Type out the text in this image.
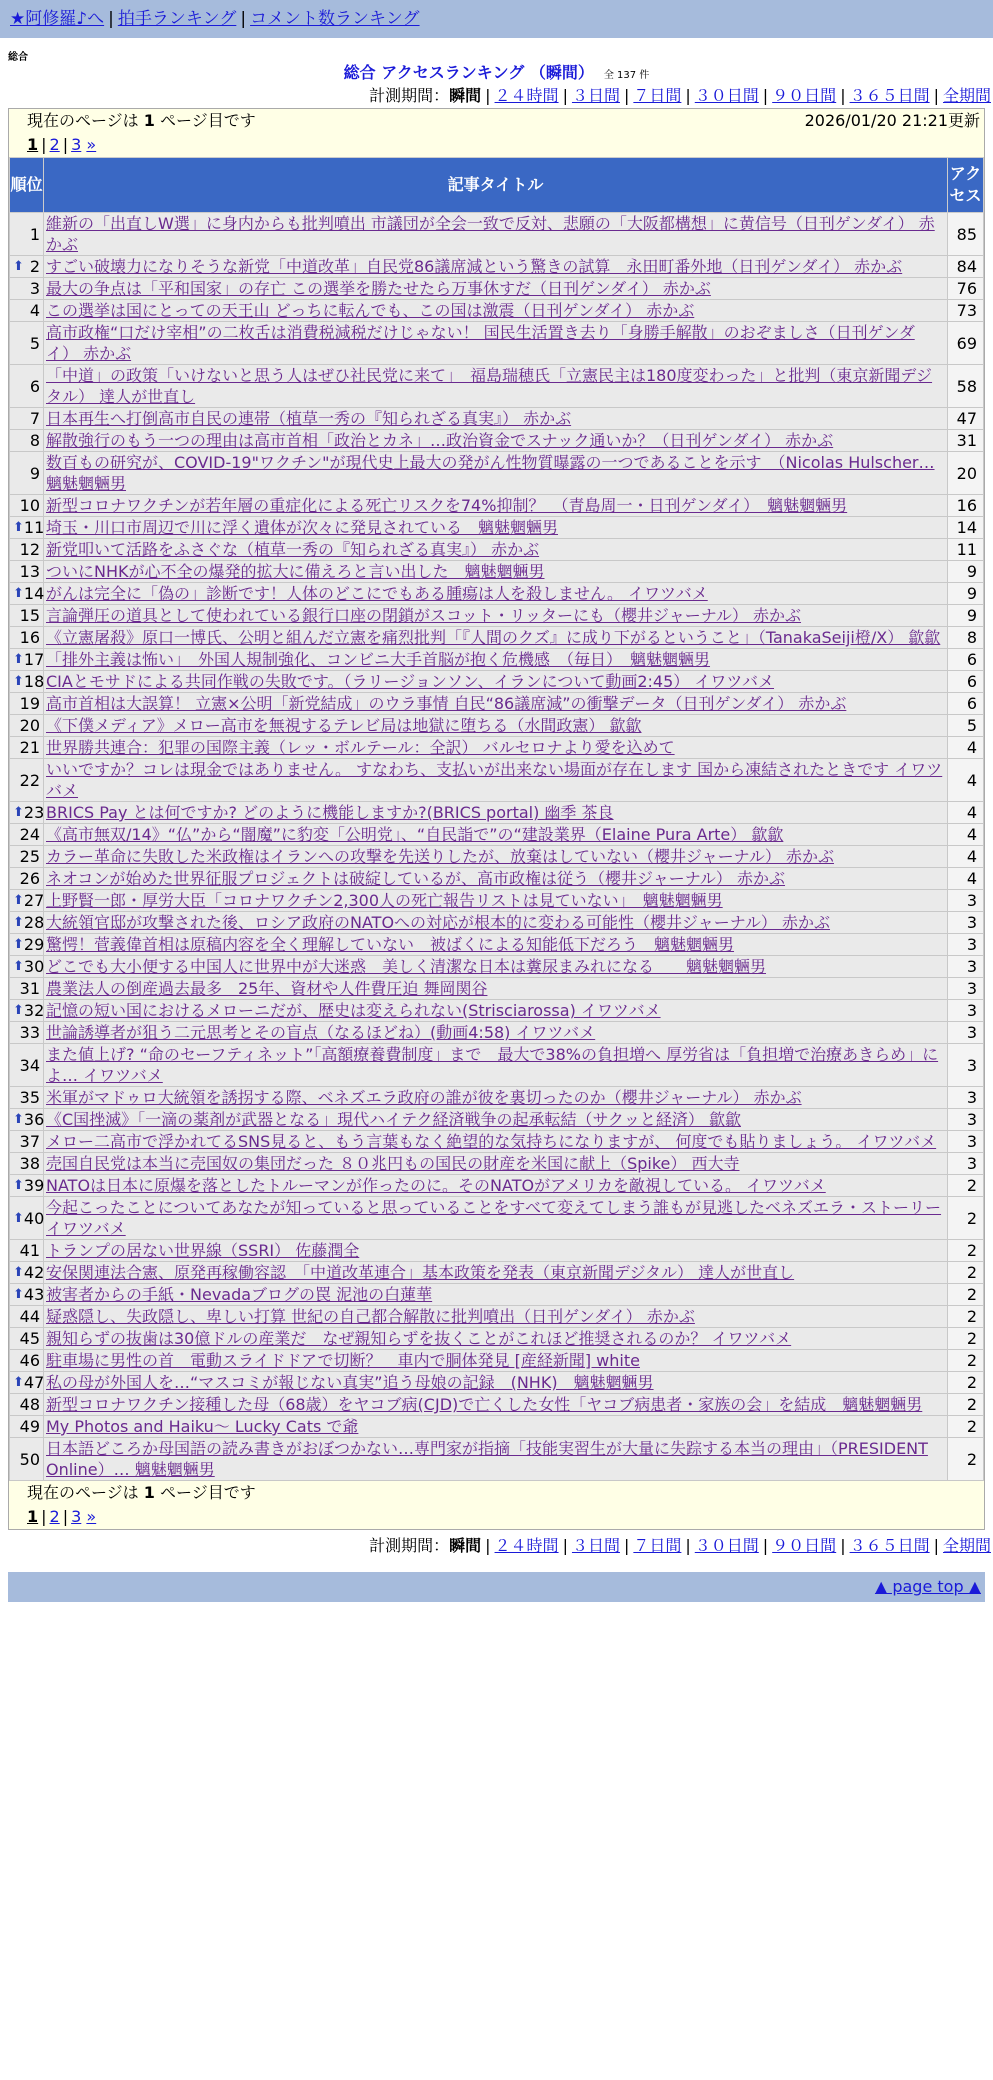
★阿修羅♪へ | 拍手ランキング | コメント数ランキング
総合
総合 アクセスランキング （瞬間） 全 137 件
計測期間：瞬間 | ２４時間 | ３日間 | ７日間 | ３０日間 | ９０日間 | ３６５日間 | 全期間
現在のページは 1 ページ目です	2026/01/20 21:21更新
1 | 2 | 3 »
順位	記事タイトル	アク
セス
1	維新の「出直しW選」に身内からも批判噴出 市議団が全会一致で反対、悲願の「大阪都構想」に黄信号（日刊ゲンダイ） 赤かぶ	85

⬆ 2	すごい破壊力になりそうな新党「中道改革」自民党86議席減という驚きの試算　永田町番外地（日刊ゲンダイ） 赤かぶ	84
3	最大の争点は「平和国家」の存亡 この選挙を勝たせたら万事休すだ（日刊ゲンダイ） 赤かぶ	76
4	この選挙は国にとっての天王山 どっちに転んでも、この国は激震（日刊ゲンダイ） 赤かぶ	73
5	高市政権“口だけ宰相”の二枚舌は消費税減税だけじゃない！ 国民生活置き去り「身勝手解散」のおぞましさ（日刊ゲンダイ） 赤かぶ	69
6	「中道」の政策「いけないと思う人はぜひ社民党に来て」　福島瑞穂氏「立憲民主は180度変わった」と批判（東京新聞デジタル） 達人が世直し	58
7	日本再生へ打倒高市自民の連帯（植草一秀の『知られざる真実』） 赤かぶ	47
8	解散強行のもう一つの理由は高市首相「政治とカネ」…政治資金でスナック通いか？（日刊ゲンダイ） 赤かぶ	31
9	数百もの研究が、COVID-19"ワクチン"が現代史上最大の発がん性物質曝露の一つであることを示す　（Nicolas Hulscher… 魑魅魍魎男	20
10	新型コロナワクチンが若年層の重症化による死亡リスクを74%抑制？　（青島周一・日刊ゲンダイ）　魑魅魍魎男	16

⬆ 11	埼玉・川口市周辺で川に浮く遺体が次々に発見されている　魑魅魍魎男	14
12	新党叩いて活路をふさぐな（植草一秀の『知られざる真実』） 赤かぶ	11
13	ついにNHKが心不全の爆発的拡大に備えろと言い出した　魑魅魍魎男	9

⬆ 14	がんは完全に「偽の」診断です！人体のどこにでもある腫瘍は人を殺しません。 イワツバメ	9
15	言論弾圧の道具として使われている銀行口座の閉鎖がスコット・リッターにも（櫻井ジャーナル） 赤かぶ	9
16	《立憲屠殺》原口一博氏、公明と組んだ立憲を痛烈批判「『人間のクズ』に成り下がるということ」（TanakaSeiji橙/X） 歙歙	8

⬆ 17	「排外主義は怖い」　外国人規制強化、コンビニ大手首脳が抱く危機感　（毎日）　魑魅魍魎男	6

⬆ 18	CIAとモサドによる共同作戦の失敗です。（ラリージョンソン、イランについて動画2:45） イワツバメ	6
19	高市首相は大誤算！ 立憲×公明「新党結成」のウラ事情 自民“86議席減”の衝撃データ（日刊ゲンダイ） 赤かぶ	6
20	《下僕メディア》メロー高市を無視するテレビ局は地獄に堕ちる（水間政憲） 歙歙	5
21	世界勝共連合：犯罪の国際主義（レッ・ボルテール：全訳） バルセロナより愛を込めて	4
22	いいですか？コレは現金ではありません。 すなわち、支払いが出来ない場面が存在します 国から凍結されたときです イワツバメ	4

⬆ 23	BRICS Pay とは何ですか? どのように機能しますか?(BRICS portal) 幽季 茶良	4
24	《高市無双/14》“仏”から“闇魔”に豹変「公明党」、“自民詣で”の“建設業界（Elaine Pura Arte） 歙歙	4
25	カラー革命に失敗した米政権はイランへの攻撃を先送りしたが、放棄はしていない（櫻井ジャーナル） 赤かぶ	4
26	ネオコンが始めた世界征服プロジェクトは破綻しているが、高市政権は従う（櫻井ジャーナル） 赤かぶ	4

⬆ 27	上野賢一郎・厚労大臣「コロナワクチン2,300人の死亡報告リストは見ていない」　魑魅魍魎男	3

⬆ 28	大統領官邸が攻撃された後、ロシア政府のNATOへの対応が根本的に変わる可能性（櫻井ジャーナル） 赤かぶ	3

⬆ 29	驚愕！菅義偉首相は原稿内容を全く理解していない　被ばくによる知能低下だろう　魑魅魍魎男	3

⬆ 30	どこでも大小便する中国人に世界中が大迷惑　美しく清潔な日本は糞尿まみれになる　　魑魅魍魎男	3
31	農業法人の倒産過去最多　25年、資材や人件費圧迫 舞岡関谷	3

⬆ 32	記憶の短い国におけるメローニだが、歴史は変えられない(Strisciarossa) イワツバメ	3
33	世論誘導者が狙う二元思考とその盲点（なるほどね）(動画4:58) イワツバメ	3
34	また値上げ? “命のセーフティネット”「高額療養費制度」まで　最大で38%の負担増へ 厚労省は「負担増で治療あきらめ」によ… イワツバメ	3
35	米軍がマドゥロ大統領を誘拐する際、ベネズエラ政府の誰が彼を裏切ったのか（櫻井ジャーナル） 赤かぶ	3

⬆ 36	《C国挫滅》「一滴の薬剤が武器となる」現代ハイテク経済戦争の起承転結（サクッと経済） 歙歙	3
37	メロー二高市で浮かれてるSNS見ると、もう言葉もなく絶望的な気持ちになりますが、 何度でも貼りましょう。 イワツバメ	3
38	売国自民党は本当に売国奴の集団だった ８０兆円もの国民の財産を米国に献上（Spike） 西大寺	3

⬆ 39	NATOは日本に原爆を落としたトルーマンが作ったのに。そのNATOがアメリカを敵視している。 イワツバメ	2

⬆ 40	今起こったことについてあなたが知っていると思っていることをすべて変えてしまう誰もが見逃したベネズエラ・ストーリー イワツバメ	2
41	トランプの居ない世界線（SSRI） 佐藤潤全	2

⬆ 42	安保関連法合憲、原発再稼働容認　「中道改革連合」基本政策を発表（東京新聞デジタル） 達人が世直し	2

⬆ 43	被害者からの手紙・Nevadaブログの罠 泥池の白蓮華	2
44	疑惑隠し、失政隠し、卑しい打算 世紀の自己都合解散に批判噴出（日刊ゲンダイ） 赤かぶ	2
45	親知らずの抜歯は30億ドルの産業だ　なぜ親知らずを抜くことがこれほど推奨されるのか？ イワツバメ	2
46	駐車場に男性の首　電動スライドドアで切断？　車内で胴体発見 [産経新聞] white	2

⬆ 47	私の母が外国人を…“マスコミが報じない真実”追う母娘の記録　(NHK)　魑魅魍魎男	2
48	新型コロナワクチン接種した母（68歳）をヤコブ病(CJD)で亡くした女性「ヤコブ病患者・家族の会」を結成　魑魅魍魎男	2
49	My Photos and Haiku〜 Lucky Cats で爺	2
50	日本語どころか母国語の読み書きがおぼつかない…専門家が指摘「技能実習生が大量に失踪する本当の理由」（PRESIDENT Online）… 魑魅魍魎男	2
現在のページは 1 ページ目です
1 | 2 | 3 »
計測期間：瞬間 | ２４時間 | ３日間 | ７日間 | ３０日間 | ９０日間 | ３６５日間 | 全期間
▲ page top ▲
